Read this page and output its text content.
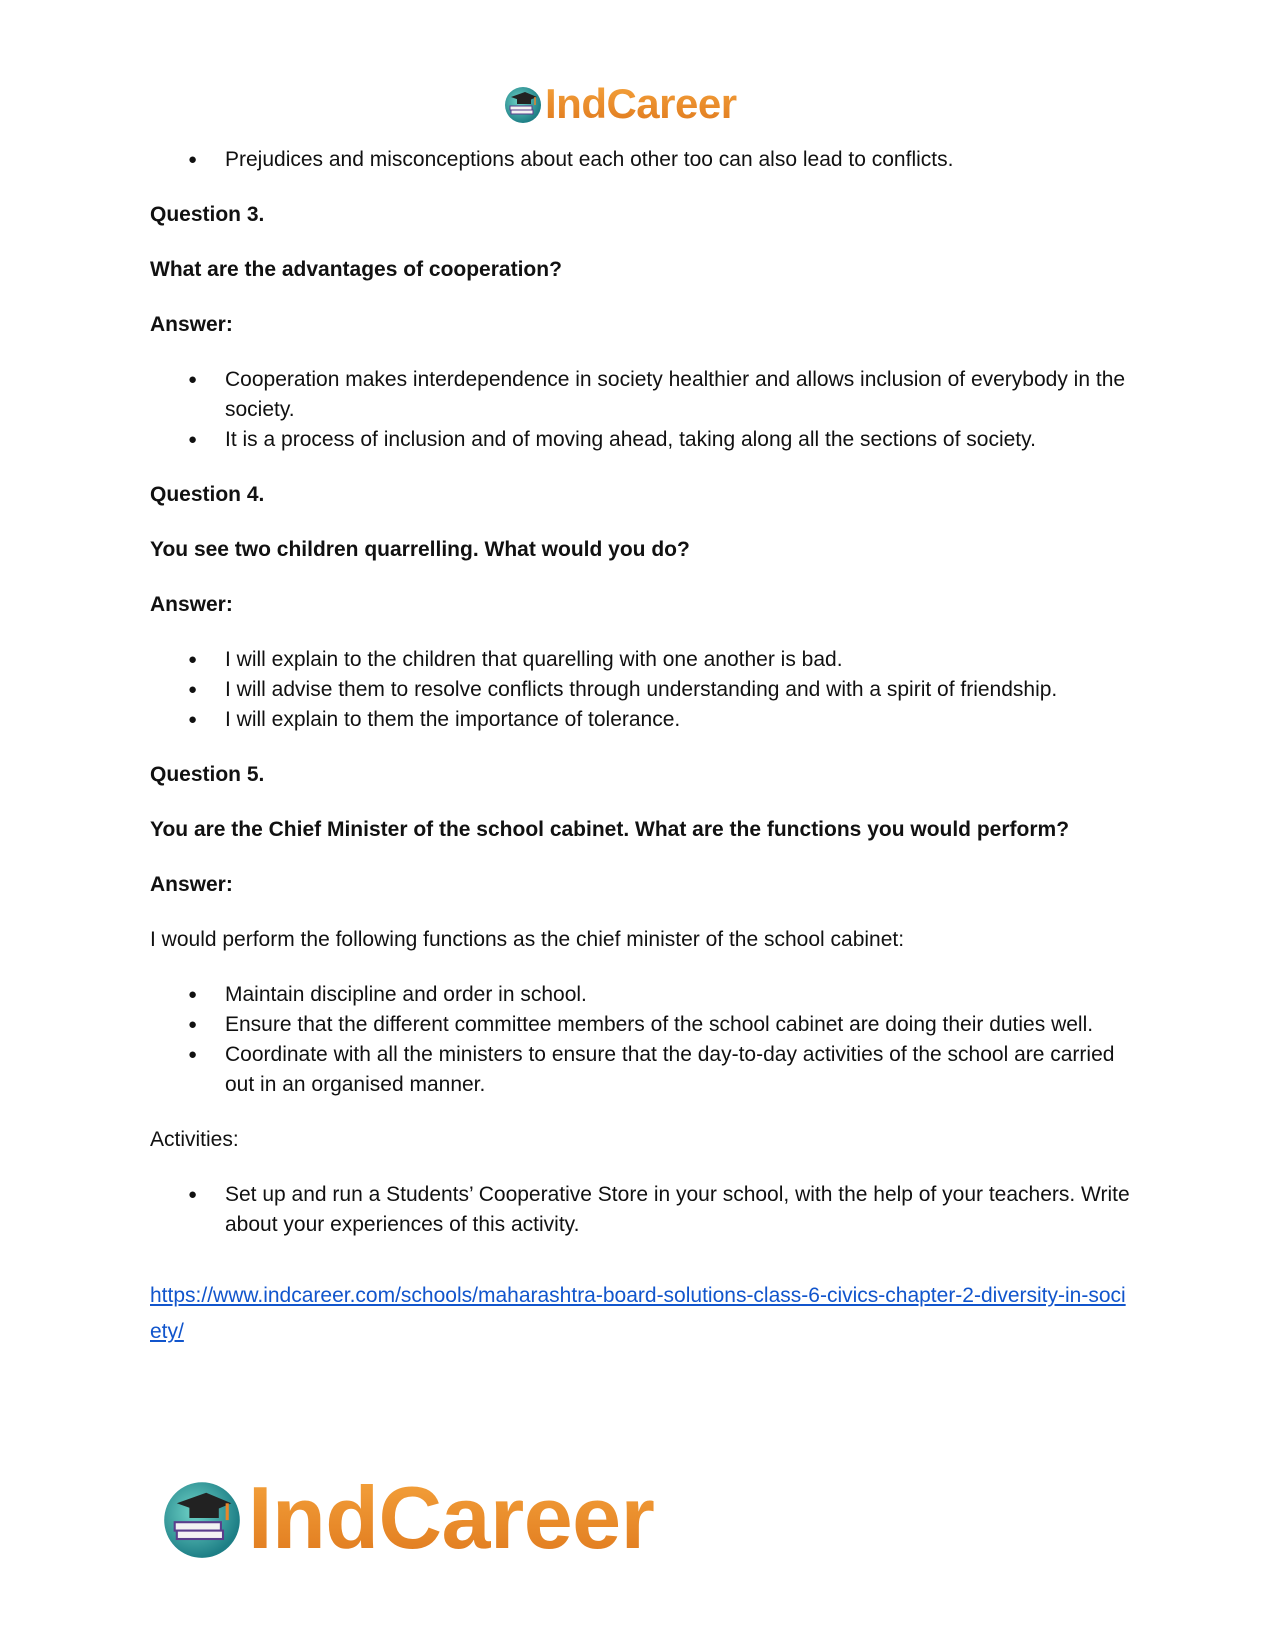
IndCareer
● Prejudices and misconceptions about each other too can also lead to conflicts.

Question 3.

What are the advantages of cooperation?

Answer:

● Cooperation makes interdependence in society healthier and allows inclusion of everybody in the society.
● It is a process of inclusion and of moving ahead, taking along all the sections of society.

Question 4.

You see two children quarrelling. What would you do?

Answer:

● I will explain to the children that quarelling with one another is bad.
● I will advise them to resolve conflicts through understanding and with a spirit of friendship.
● I will explain to them the importance of tolerance.

Question 5.

You are the Chief Minister of the school cabinet. What are the functions you would perform?

Answer:

I would perform the following functions as the chief minister of the school cabinet:

● Maintain discipline and order in school.
● Ensure that the different committee members of the school cabinet are doing their duties well.
● Coordinate with all the ministers to ensure that the day-to-day activities of the school are carried out in an organised manner.

Activities:

● Set up and run a Students’ Cooperative Store in your school, with the help of your teachers. Write about your experiences of this activity.
https://www.indcareer.com/schools/maharashtra-board-solutions-class-6-civics-chapter-2-diversity-in-society/
IndCareer
